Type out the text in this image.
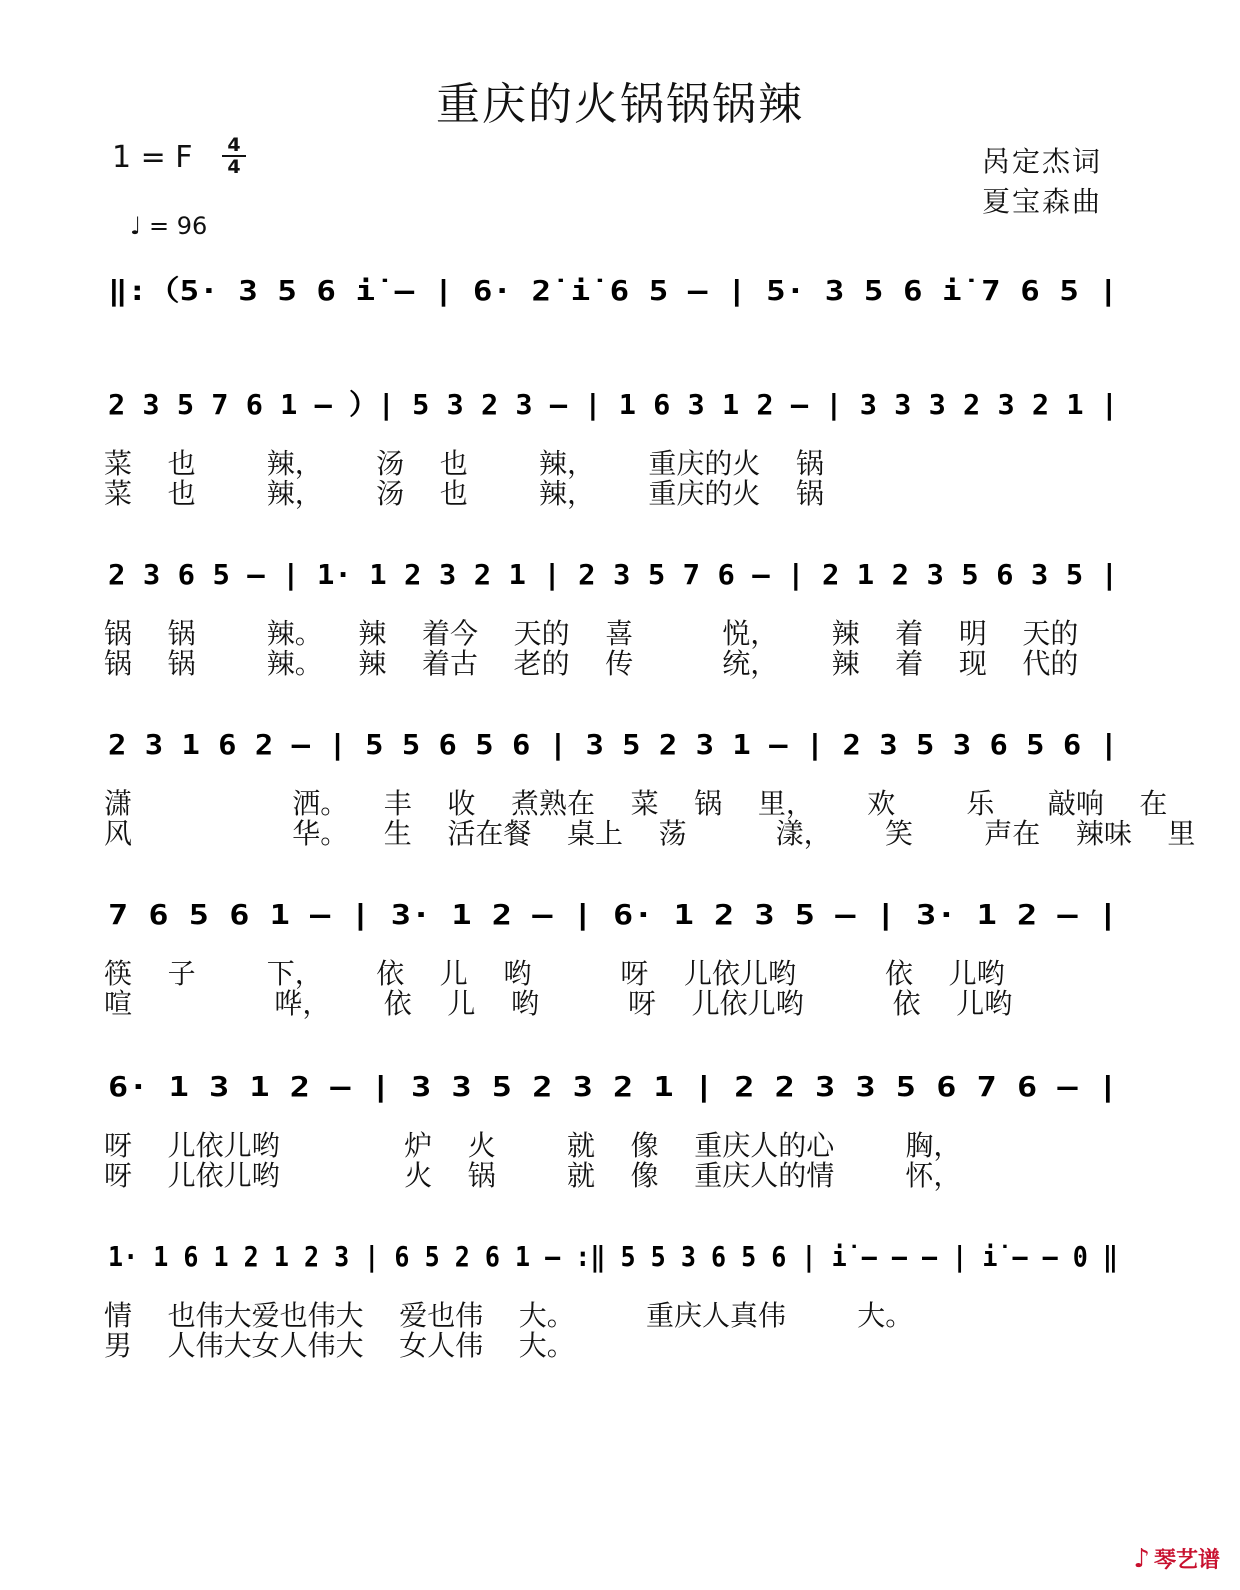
重庆的火锅锅锅辣
1 = F 4
4
♩ = 96
呙定杰词
夏宝森曲
‖:（5· 3 5 6 i̇ – | 6· 2̇ i̇ 6 5 – | 5· 3 5 6 i̇ 7 6 5 |
2 3 5 7 6 1 – ）| 5 3 2 3 – | 1 6 3 1 2 – | 3 3 3 2 3 2 1 |
2 3 6 5 – | 1· 1 2 3 2 1 | 2 3 5 7 6 – | 2 1 2 3 5 6 3 5 |
2 3 1 6 2 – | 5 5 6 5 6 | 3 5 2 3 1 – | 2 3 5 3 6 5 6 |
7 6 5 6 1 – | 3· 1 2 – | 6· 1 2 3 5 – | 3· 1 2 – |
6· 1 3 1 2 – | 3 3 5 2 3 2 1 | 2 2 3 3 5 6 7 6 – |
1· 1 6 1 2 1 2 3 | 6 5 2 6 1 – :‖ 5 5 3 6 5 6 | i̇ – – – | i̇ – – 0 ‖
菜    也        辣，      汤    也        辣，      重庆的火    锅
菜    也        辣，      汤    也        辣，      重庆的火    锅
锅    锅        辣。    辣    着今    天的    喜          悦，      辣    着    明    天的
锅    锅        辣。    辣    着古    老的    传          统，      辣    着    现    代的
潇                  洒。    丰    收    煮熟在    菜    锅    里，      欢        乐      敲响    在
风                  华。    生    活在餐    桌上    荡          漾，      笑        声在    辣味    里
筷    子        下，      依    儿    哟          呀    儿依儿哟          依    儿哟
喧                哗，      依    儿    哟          呀    儿依儿哟          依    儿哟
呀    儿依儿哟              炉    火        就    像    重庆人的心        胸，
呀    儿依儿哟              火    锅        就    像    重庆人的情        怀，
情    也伟大爱也伟大    爱也伟    大。        重庆人真伟        大。
男    人伟大女人伟大    女人伟    大。
♪ 琴艺谱
